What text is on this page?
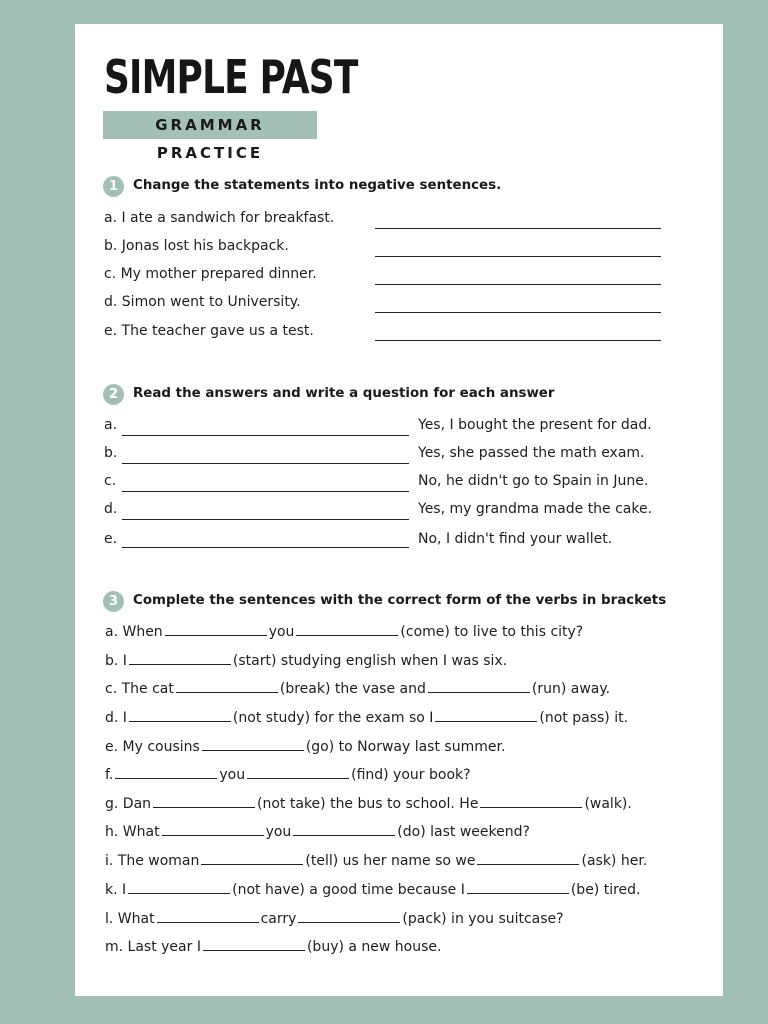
SIMPLE PAST
GRAMMAR PRACTICE
1	Change the statements into negative sentences.
a. I ate a sandwich for breakfast.
b. Jonas lost his backpack.
c. My mother prepared dinner.
d. Simon went to University.
e. The teacher gave us a test.
2	Read the answers and write a question for each answer
a.	Yes, I bought the present for dad.
b.	Yes, she passed the math exam.
c.	No, he didn't go to Spain in June.
d.	Yes, my grandma made the cake.
e.	No, I didn't find your wallet.
3	Complete the sentences with the correct form of the verbs in brackets
a. When	you	(come) to live to this city?
b. I	(start) studying english when I was six.
c. The cat	(break) the vase and	(run) away.
d. I	(not study) for the exam so I	(not pass) it.
e. My cousins	(go) to Norway last summer.
f.	you	(find) your book?
g. Dan	(not take) the bus to school. He	(walk).
h. What	you	(do) last weekend?
i. The woman	(tell) us her name so we	(ask) her.
k. I	(not have) a good time because I	(be) tired.
l. What	carry	(pack) in you suitcase?
m. Last year I	(buy) a new house.
